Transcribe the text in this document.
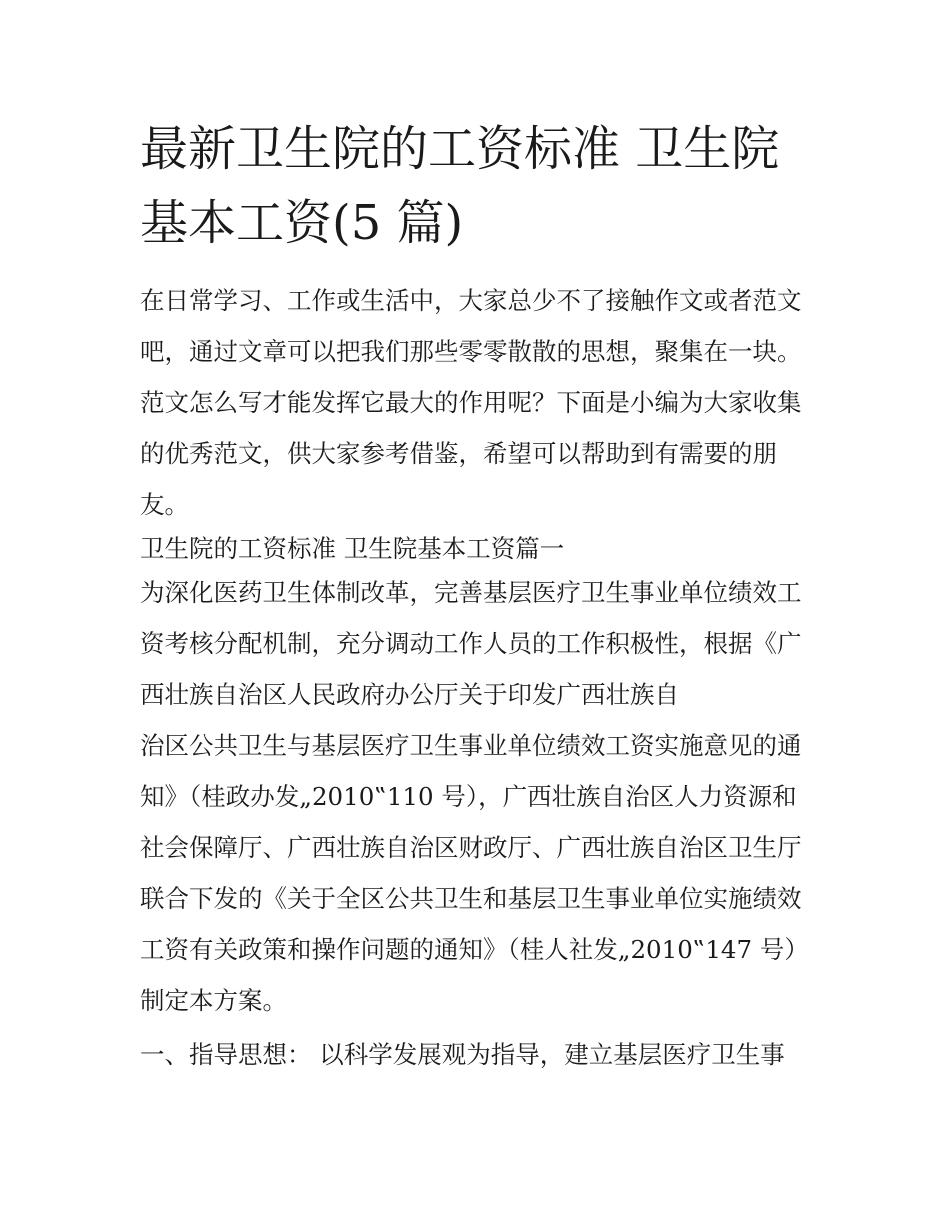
最新卫生院的工资标准 卫生院
基本工资(5 篇)
在日常学习、工作或生活中，大家总少不了接触作文或者范文
吧，通过文章可以把我们那些零零散散的思想，聚集在一块。
范文怎么写才能发挥它最大的作用呢？下面是小编为大家收集
的优秀范文，供大家参考借鉴，希望可以帮助到有需要的朋
友。
卫生院的工资标准 卫生院基本工资篇一
为深化医药卫生体制改革，完善基层医疗卫生事业单位绩效工
资考核分配机制，充分调动工作人员的工作积极性，根据《广
西壮族自治区人民政府办公厅关于印发广西壮族自
治区公共卫生与基层医疗卫生事业单位绩效工资实施意见的通
知》（桂政办发„2010‟110 号），广西壮族自治区人力资源和
社会保障厅、广西壮族自治区财政厅、广西壮族自治区卫生厅
联合下发的《关于全区公共卫生和基层卫生事业单位实施绩效
工资有关政策和操作问题的通知》（桂人社发„2010‟147 号）
制定本方案。
一、指导思想： 以科学发展观为指导，建立基层医疗卫生事
